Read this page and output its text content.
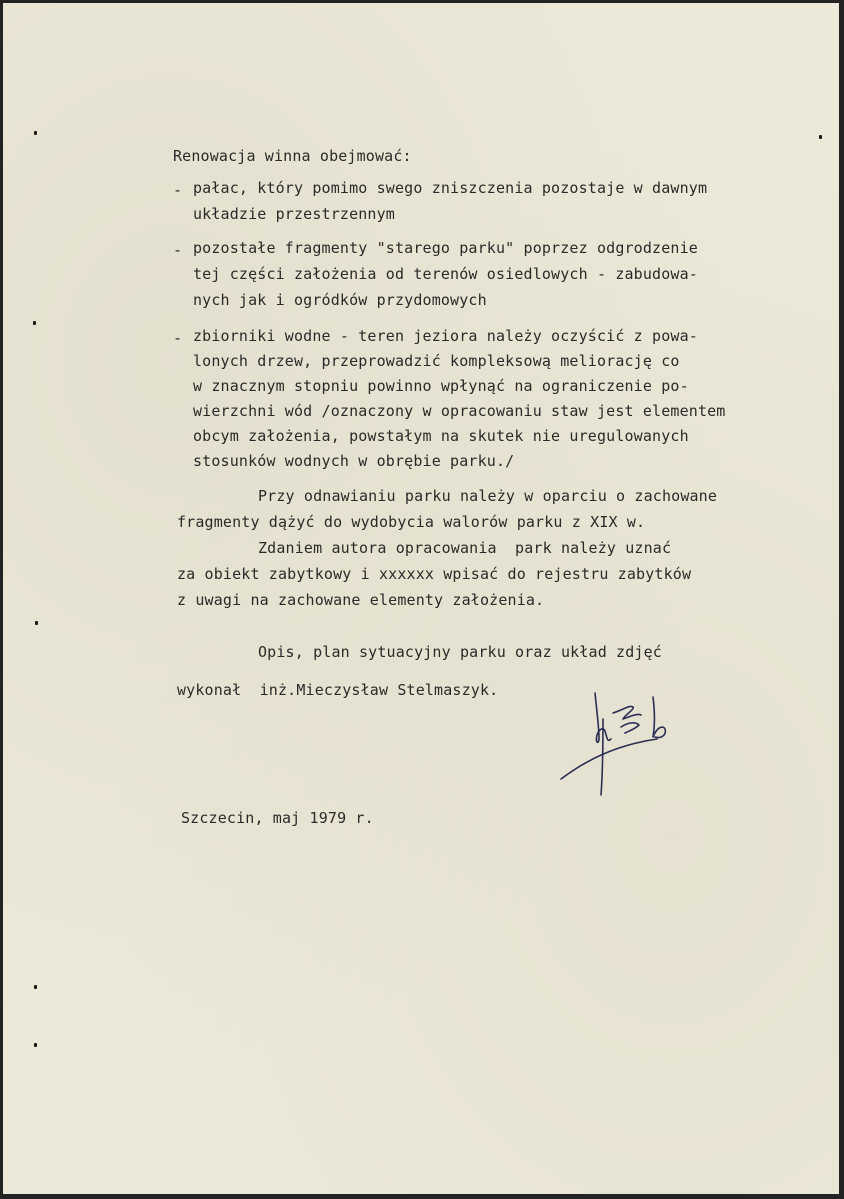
Renowacja winna obejmować:
- pałac, który pomimo swego zniszczenia pozostaje w dawnym
układzie przestrzennym
- pozostałe fragmenty "starego parku" poprzez odgrodzenie
tej części założenia od terenów osiedlowych - zabudowa-
nych jak i ogródków przydomowych
- zbiorniki wodne - teren jeziora należy oczyścić z powa-
lonych drzew, przeprowadzić kompleksową meliorację co
w znacznym stopniu powinno wpłynąć na ograniczenie po-
wierzchni wód /oznaczony w opracowaniu staw jest elementem
obcym założenia, powstałym na skutek nie uregulowanych
stosunków wodnych w obrębie parku./
Przy odnawianiu parku należy w oparciu o zachowane
fragmenty dążyć do wydobycia walorów parku z XIX w.
Zdaniem autora opracowania  park należy uznać
za obiekt zabytkowy i xxxxxx wpisać do rejestru zabytków
z uwagi na zachowane elementy założenia.
Opis, plan sytuacyjny parku oraz układ zdjęć
wykonał  inż.Mieczysław Stelmaszyk.
Szczecin, maj 1979 r.
